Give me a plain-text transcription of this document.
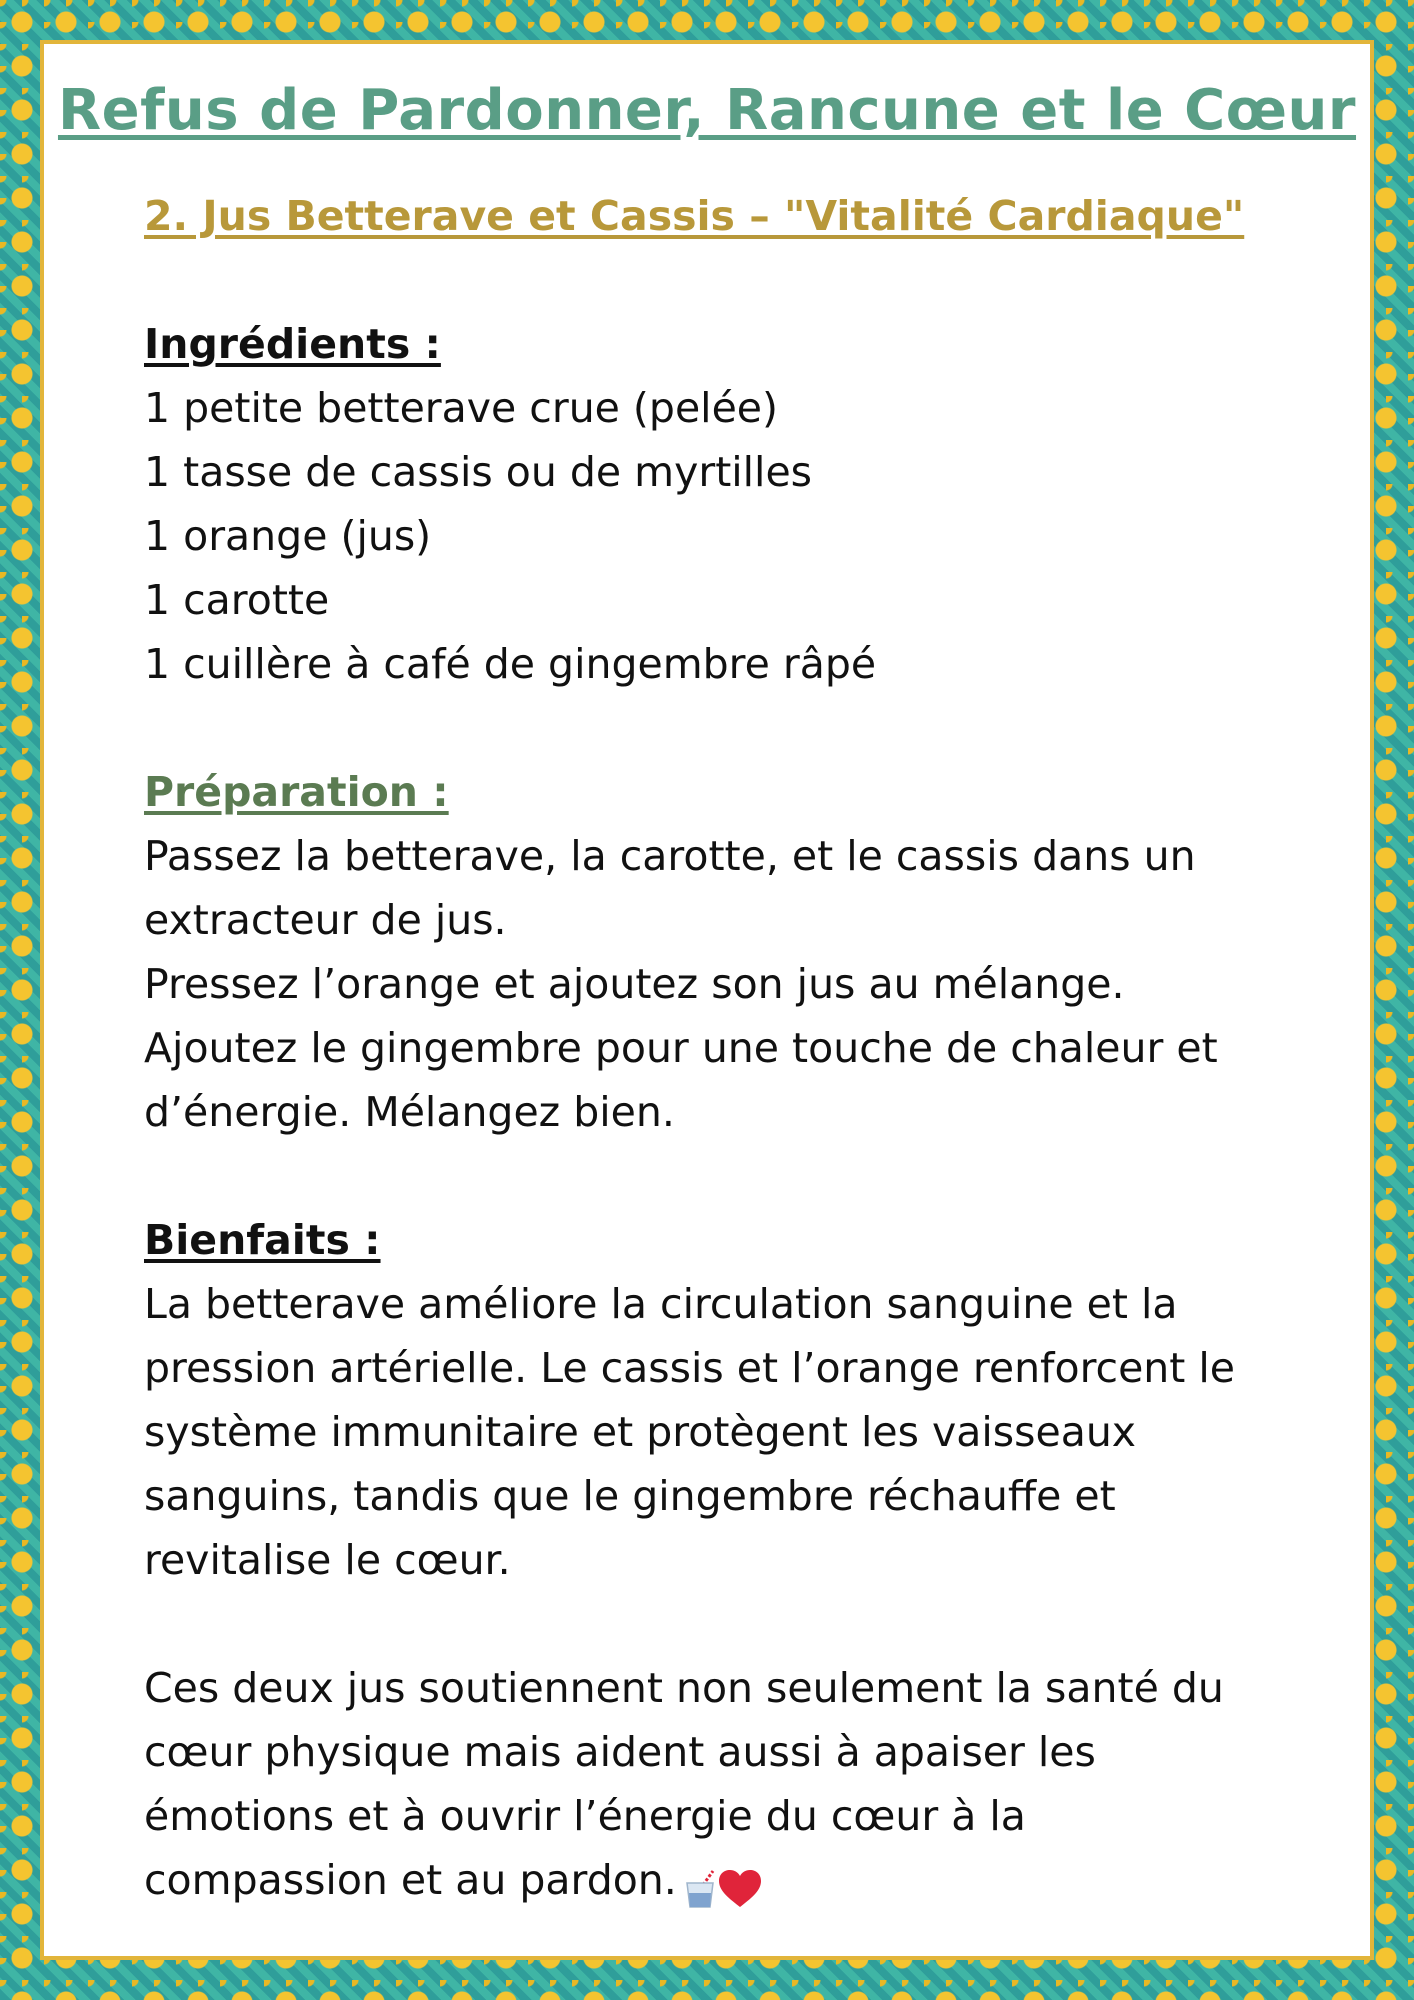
Refus de Pardonner, Rancune et le Cœur

2. Jus Betterave et Cassis – "Vitalité Cardiaque"

Ingrédients :

1 petite betterave crue (pelée)

1 tasse de cassis ou de myrtilles

1 orange (jus)

1 carotte

1 cuillère à café de gingembre râpé

Préparation :

Passez la betterave, la carotte, et le cassis dans un extracteur de jus.

Pressez l’orange et ajoutez son jus au mélange.

Ajoutez le gingembre pour une touche de chaleur et d’énergie. Mélangez bien.

Bienfaits :

La betterave améliore la circulation sanguine et la pression artérielle. Le cassis et l’orange renforcent le système immunitaire et protègent les vaisseaux sanguins, tandis que le gingembre réchauffe et revitalise le cœur.

Ces deux jus soutiennent non seulement la santé du cœur physique mais aident aussi à apaiser les émotions et à ouvrir l’énergie du cœur à la compassion et au pardon.
